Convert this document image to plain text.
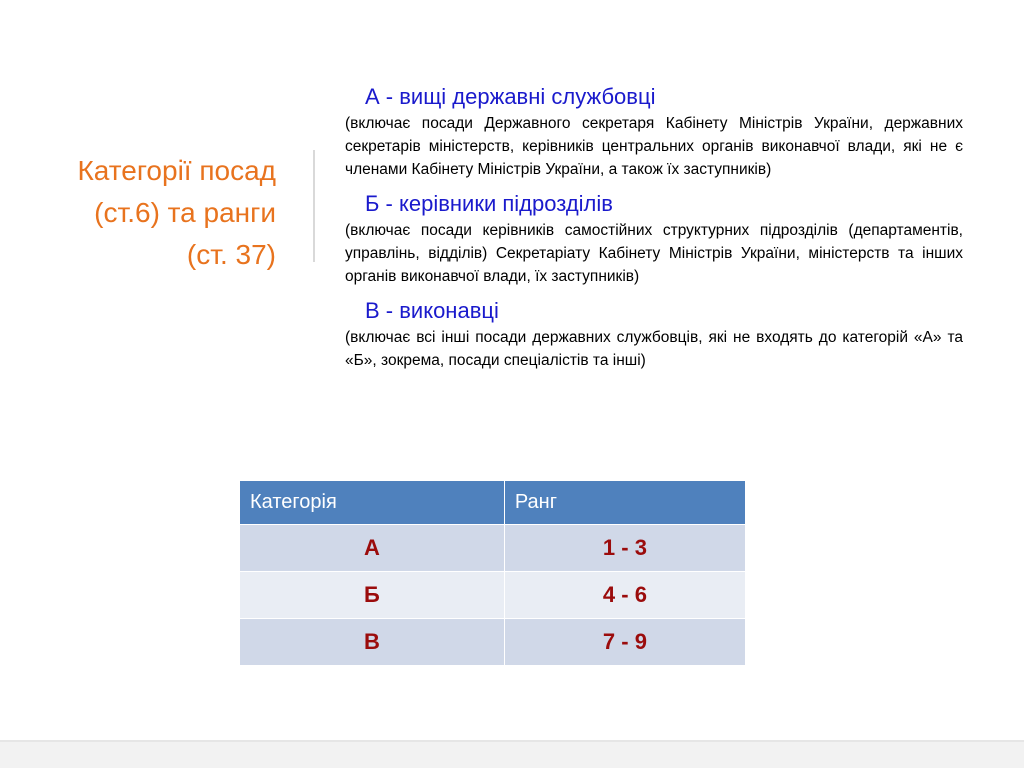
Категорії посад
(ст.6) та ранги
(ст. 37)
А - вищі державні службовці
(включає посади Державного секретаря Кабінету Міністрів України, державних секретарів міністерств, керівників центральних органів виконавчої влади, які не є членами Кабінету Міністрів України, а також їх заступників)
Б - керівники підрозділів
(включає посади керівників самостійних структурних підрозділів (департаментів, управлінь, відділів) Секретаріату Кабінету Міністрів України, міністерств та інших органів виконавчої влади, їх заступників)
В - виконавці
(включає всі інші посади державних службовців, які не входять до категорій «А» та «Б», зокрема, посади спеціалістів та інші)
Категорія	Ранг
А	1 - 3
Б	4 - 6
В	7 - 9
